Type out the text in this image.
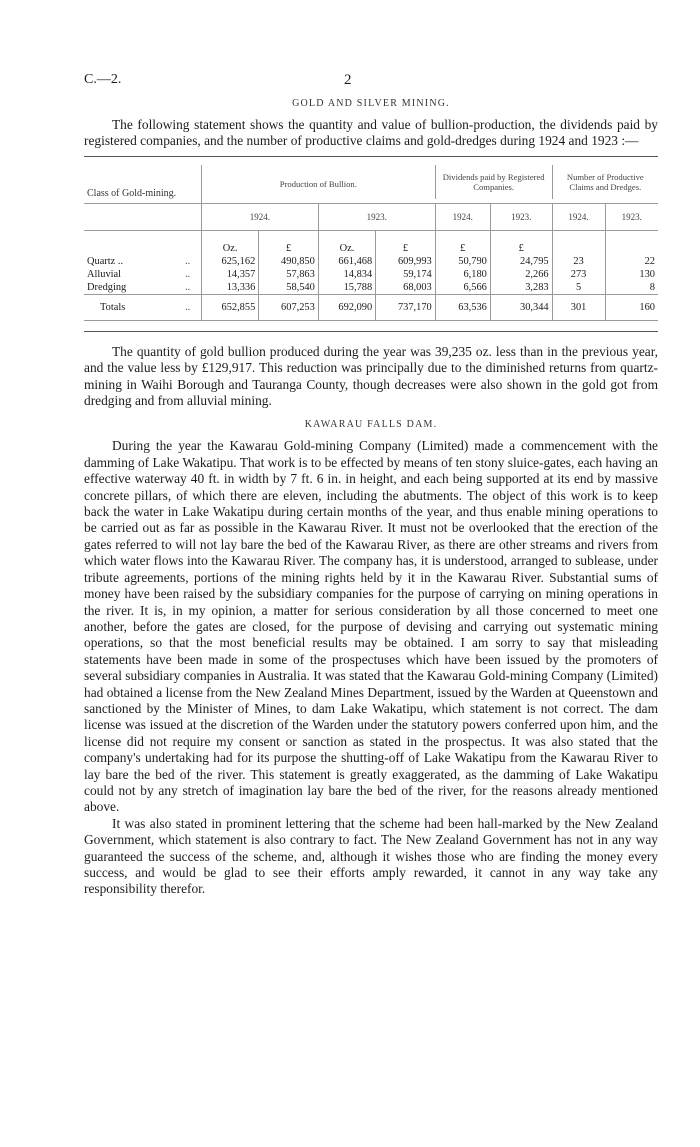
C.—2.	2
GOLD AND SILVER MINING.

The following statement shows the quantity and value of bullion-production, the dividends paid by registered companies, and the number of productive claims and gold-dredges during 1924 and 1923 :—

Class of Gold-mining.		Production of Bullion.				Dividends paid by Registered Companies.		Number of Productive Claims and Dredges.	

		1924.		1923.		1924.	1923.	1924.	1923.
		Oz.	£	Oz.	£	£	£		
Quartz ..	..	625,162	490,850	661,468	609,993	50,790	24,795	23	22
Alluvial	..	14,357	57,863	14,834	59,174	6,180	2,266	273	130
Dredging	..	13,336	58,540	15,788	68,003	6,566	3,283	5	8
Totals	..	652,855	607,253	692,090	737,170	63,536	30,344	301	160

The quantity of gold bullion produced during the year was 39,235 oz. less than in the previous year, and the value less by £129,917. This reduction was principally due to the diminished returns from quartz-mining in Waihi Borough and Tauranga County, though decreases were also shown in the gold got from dredging and from alluvial mining.

KAWARAU FALLS DAM.

During the year the Kawarau Gold-mining Company (Limited) made a commencement with the damming of Lake Wakatipu. That work is to be effected by means of ten stony sluice-gates, each having an effective waterway 40 ft. in width by 7 ft. 6 in. in height, and each being supported at its end by massive concrete pillars, of which there are eleven, including the abutments. The object of this work is to keep back the water in Lake Wakatipu during certain months of the year, and thus enable mining operations to be carried out as far as possible in the Kawarau River. It must not be overlooked that the erection of the gates referred to will not lay bare the bed of the Kawarau River, as there are other streams and rivers from which water flows into the Kawarau River. The company has, it is understood, arranged to sublease, under tribute agreements, portions of the mining rights held by it in the Kawarau River. Substantial sums of money have been raised by the subsidiary companies for the purpose of carrying on mining operations in the river. It is, in my opinion, a matter for serious consideration by all those concerned to meet one another, before the gates are closed, for the purpose of devising and carrying out systematic mining operations, so that the most beneficial results may be obtained. I am sorry to say that misleading statements have been made in some of the prospectuses which have been issued by the promoters of several subsidiary companies in Australia. It was stated that the Kawarau Gold-mining Company (Limited) had obtained a license from the New Zealand Mines Department, issued by the Warden at Queenstown and sanctioned by the Minister of Mines, to dam Lake Wakatipu, which statement is not correct. The dam license was issued at the discretion of the Warden under the statutory powers conferred upon him, and the license did not require my consent or sanction as stated in the prospectus. It was also stated that the company's undertaking had for its purpose the shutting-off of Lake Wakatipu from the Kawarau River to lay bare the bed of the river. This statement is greatly exaggerated, as the damming of Lake Wakatipu could not by any stretch of imagination lay bare the bed of the river, for the reasons already mentioned above.

It was also stated in prominent lettering that the scheme had been hall-marked by the New Zealand Government, which statement is also contrary to fact. The New Zealand Government has not in any way guaranteed the success of the scheme, and, although it wishes those who are finding the money every success, and would be glad to see their efforts amply rewarded, it cannot in any way take any responsibility therefor.
